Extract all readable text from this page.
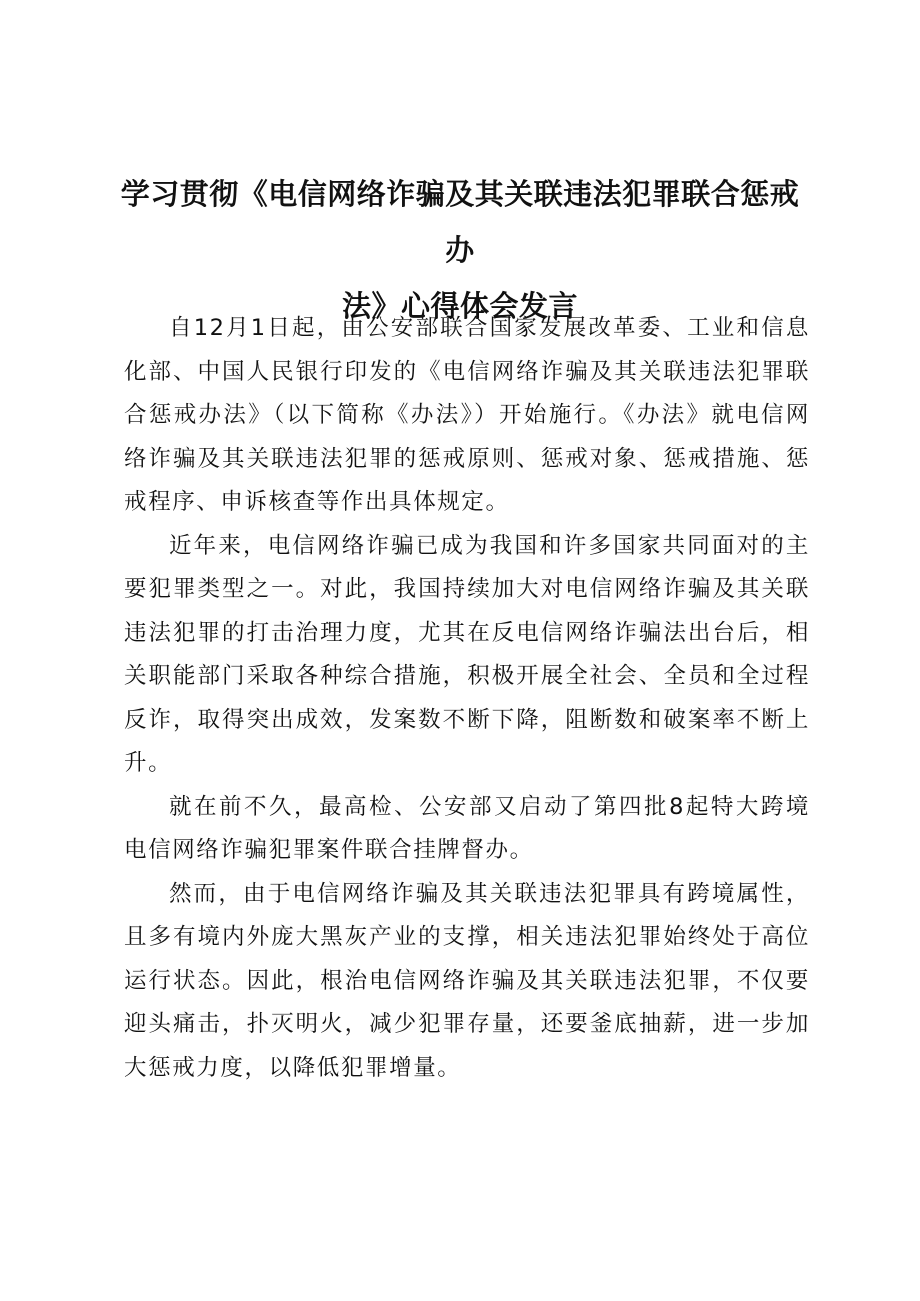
学习贯彻《电信网络诈骗及其关联违法犯罪联合惩戒办
法》心得体会发言

自12月1日起，由公安部联合国家发展改革委、工业和信息化部、中国人民银行印发的《电信网络诈骗及其关联违法犯罪联合惩戒办法》（以下简称《办法》）开始施行。《办法》就电信网络诈骗及其关联违法犯罪的惩戒原则、惩戒对象、惩戒措施、惩戒程序、申诉核查等作出具体规定。

近年来，电信网络诈骗已成为我国和许多国家共同面对的主要犯罪类型之一。对此，我国持续加大对电信网络诈骗及其关联违法犯罪的打击治理力度，尤其在反电信网络诈骗法出台后，相关职能部门采取各种综合措施，积极开展全社会、全员和全过程反诈，取得突出成效，发案数不断下降，阻断数和破案率不断上升。

就在前不久，最高检、公安部又启动了第四批8起特大跨境电信网络诈骗犯罪案件联合挂牌督办。

然而，由于电信网络诈骗及其关联违法犯罪具有跨境属性，且多有境内外庞大黑灰产业的支撑，相关违法犯罪始终处于高位运行状态。因此，根治电信网络诈骗及其关联违法犯罪，不仅要迎头痛击，扑灭明火，减少犯罪存量，还要釜底抽薪，进一步加大惩戒力度，以降低犯罪增量。
